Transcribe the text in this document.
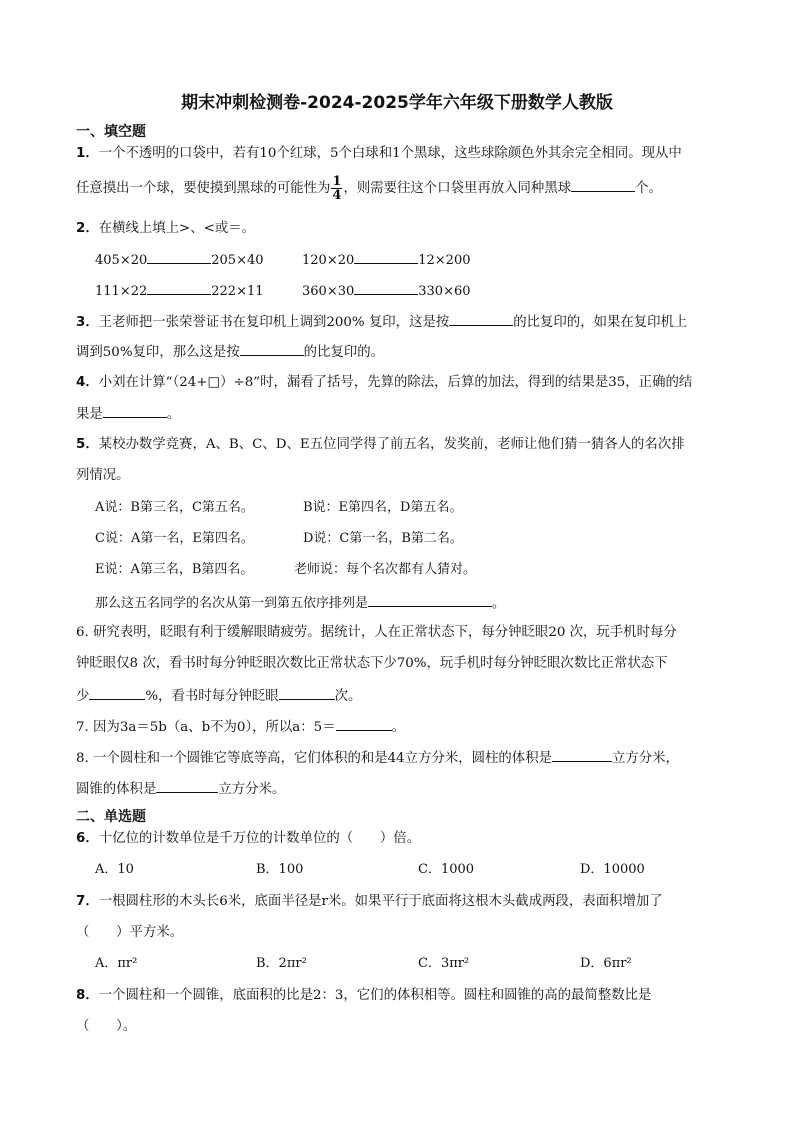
期末冲刺检测卷-2024-2025学年六年级下册数学人教版
一、填空题
1．一个不透明的口袋中，若有10个红球，5个白球和1个黑球，这些球除颜色外其余完全相同。现从中
任意摸出一个球，要使摸到黑球的可能性为 $\frac{1}{4}$ ，则需要往这个口袋里再放入同种黑球	个。
2．在横线上填上>、<或＝。
405×20	205×40	120×20	12×200
111×22	222×11	360×30	330×60
3．王老师把一张荣誉证书在复印机上调到200% 复印，这是按	的比复印的，如果在复印机上
调到50%复印，那么这是按	的比复印的。
4．小刘在计算“（24+□）÷8”时，漏看了括号，先算的除法，后算的加法，得到的结果是35，正确的结
果是	。
5．某校办数学竞赛，A、B、C、D、E五位同学得了前五名，发奖前，老师让他们猜一猜各人的名次排
列情况。
A说：B第三名，C第五名。	B说：E第四名，D第五名。
C说：A第一名，E第四名。	D说：C第一名，B第二名。
E说：A第三名，B第四名。	老师说：每个名次都有人猜对。
那么这五名同学的名次从第一到第五依序排列是	。
6. 研究表明，眨眼有利于缓解眼睛疲劳。据统计，人在正常状态下，每分钟眨眼20 次，玩手机时每分
钟眨眼仅8 次，看书时每分钟眨眼次数比正常状态下少70%，玩手机时每分钟眨眼次数比正常状态下
少	%，看书时每分钟眨眼	次。
7. 因为3a＝5b（a、b不为0），所以a：5＝	。
8. 一个圆柱和一个圆锥它等底等高，它们体积的和是44立方分米，圆柱的体积是	立方分米，
圆锥的体积是	立方分米。
二、单选题
6．十亿位的计数单位是千万位的计数单位的（　　）倍。
A．10	B．100	C．1000	D．10000
7．一根圆柱形的木头长6米，底面半径是r米。如果平行于底面将这根木头截成两段，表面积增加了
（　　）平方米。
A．πr²	B．2πr²	C．3πr²	D．6πr²
8．一个圆柱和一个圆锥，底面积的比是2：3，它们的体积相等。圆柱和圆锥的高的最简整数比是
（　　）。
